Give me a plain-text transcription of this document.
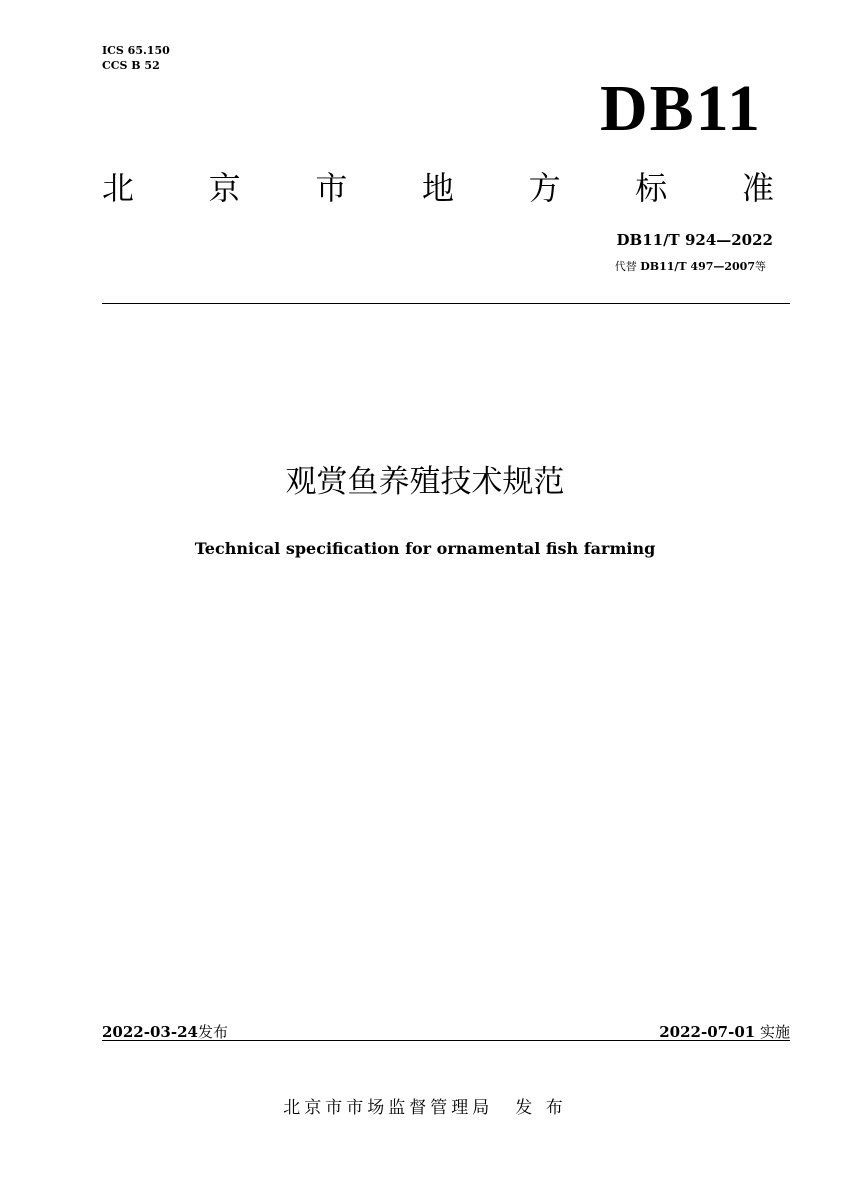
ICS 65.150
CCS B 52
DB11
北 京 市 地 方 标 准
DB11/T 924—2022
代替 DB11/T 497—2007等
观赏鱼养殖技术规范
Technical specification for ornamental fish farming
2022-03-24发布	2022-07-01 实施
北京市市场监督管理局 发 布
